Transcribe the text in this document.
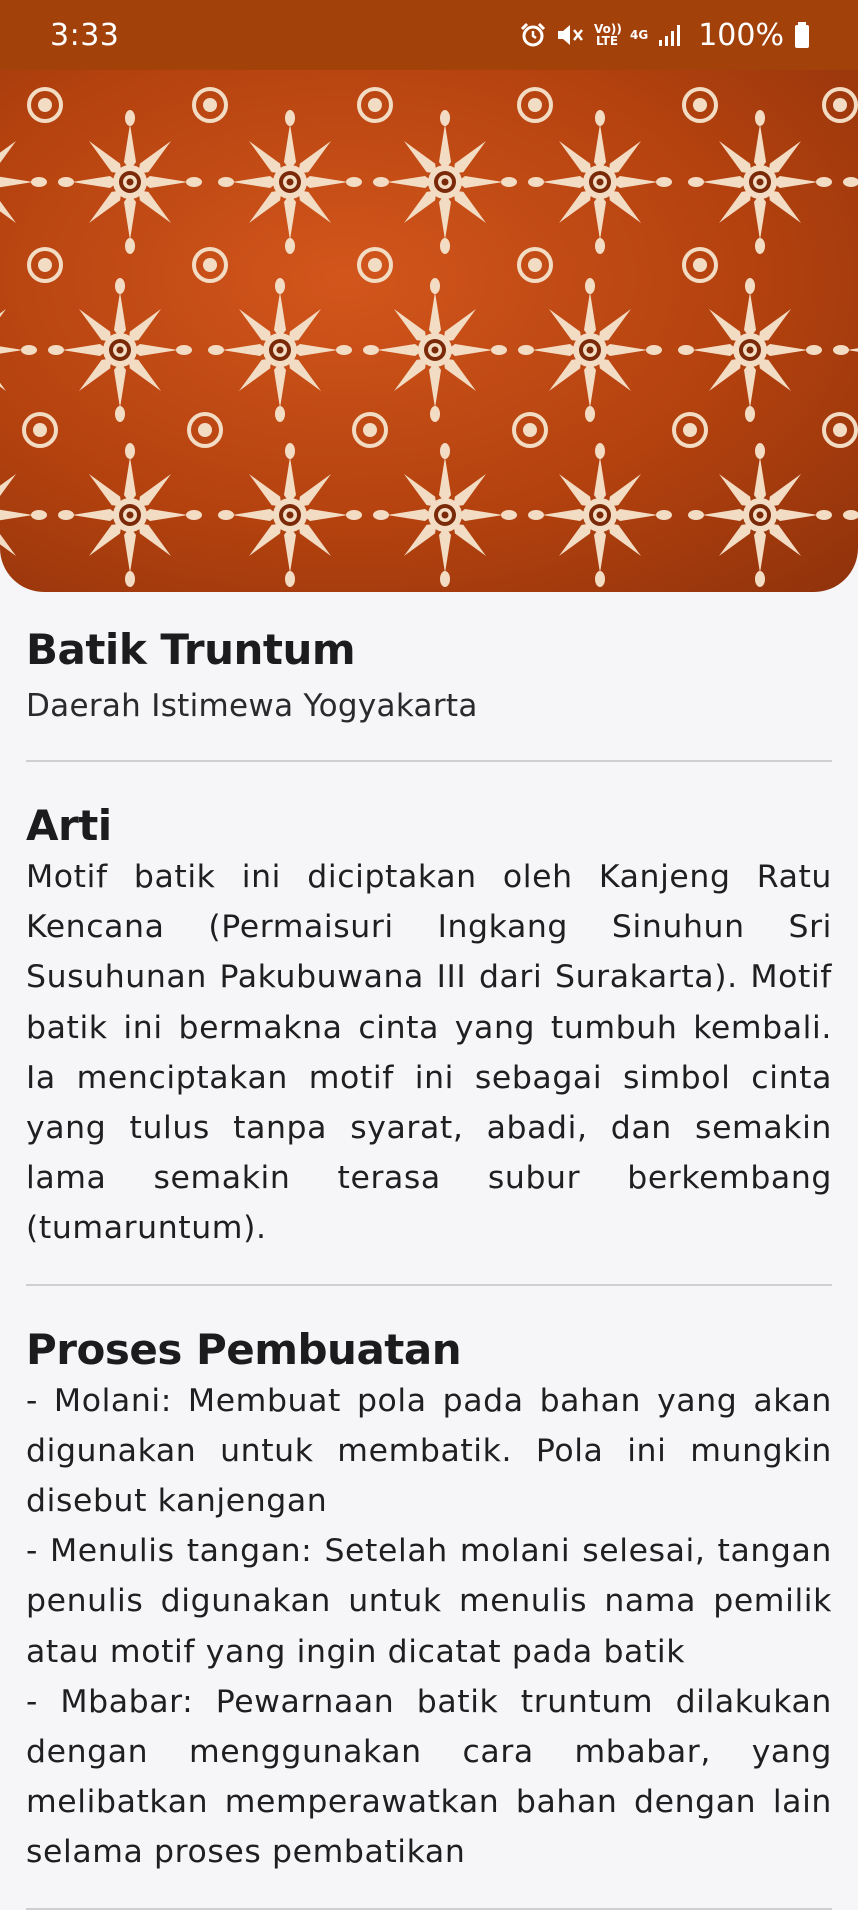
3:33	Vo)) LTE 4G 100%
Batik Truntum
Daerah Istimewa Yogyakarta
Arti

Motif batik ini diciptakan oleh Kanjeng Ratu Kencana (Permaisuri Ingkang Sinuhun Sri Susuhunan Pakubuwana III dari Surakarta). Motif batik ini bermakna cinta yang tumbuh kembali. Ia menciptakan motif ini sebagai simbol cinta yang tulus tanpa syarat, abadi, dan semakin lama semakin terasa subur berkembang (tumaruntum).

Proses Pembuatan
- Molani: Membuat pola pada bahan yang akan digunakan untuk membatik. Pola ini mungkin disebut kanjengan
- Menulis tangan: Setelah molani selesai, tangan penulis digunakan untuk menulis nama pemilik atau motif yang ingin dicatat pada batik
- Mbabar: Pewarnaan batik truntum dilakukan dengan menggunakan cara mbabar, yang melibatkan memperawatkan bahan dengan lain selama proses pembatikan
